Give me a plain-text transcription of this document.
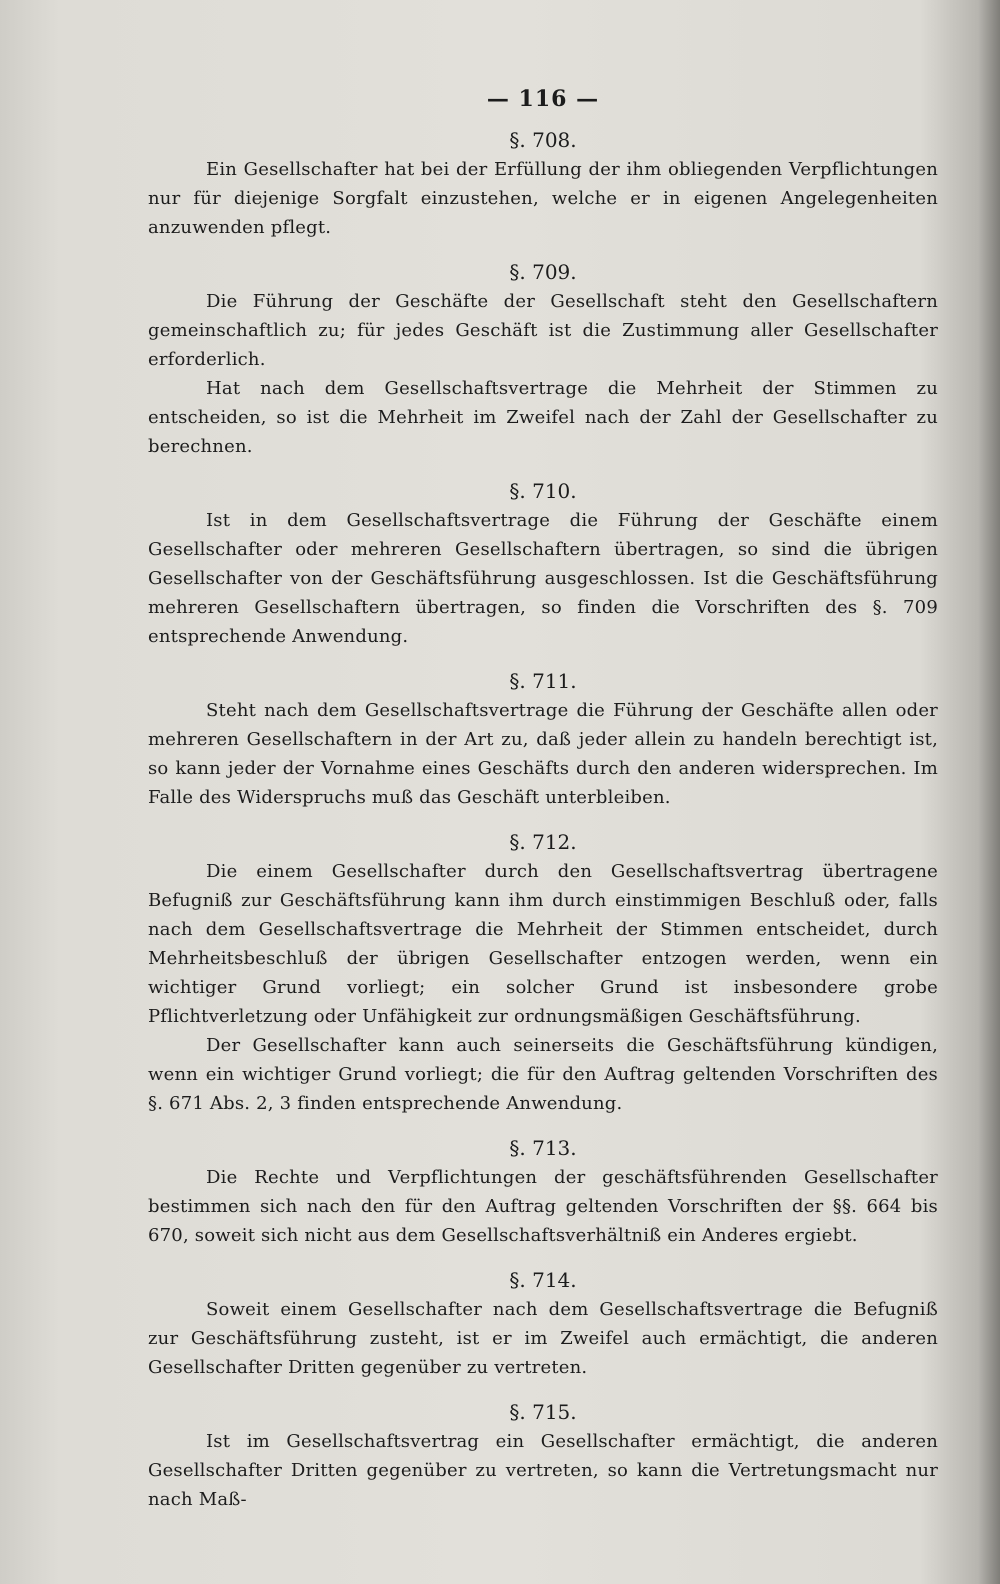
— 116 —

§. 708.

Ein Gesellschafter hat bei der Erfüllung der ihm obliegenden Verpflichtungen nur für diejenige Sorgfalt einzustehen, welche er in eigenen Angelegenheiten anzuwenden pflegt.

§. 709.

Die Führung der Geschäfte der Gesellschaft steht den Gesellschaftern gemeinschaftlich zu; für jedes Geschäft ist die Zustimmung aller Gesellschafter erforderlich.

Hat nach dem Gesellschaftsvertrage die Mehrheit der Stimmen zu entscheiden, so ist die Mehrheit im Zweifel nach der Zahl der Gesellschafter zu berechnen.

§. 710.

Ist in dem Gesellschaftsvertrage die Führung der Geschäfte einem Gesellschafter oder mehreren Gesellschaftern übertragen, so sind die übrigen Gesellschafter von der Geschäftsführung ausgeschlossen. Ist die Geschäftsführung mehreren Gesellschaftern übertragen, so finden die Vorschriften des §. 709 entsprechende Anwendung.

§. 711.

Steht nach dem Gesellschaftsvertrage die Führung der Geschäfte allen oder mehreren Gesellschaftern in der Art zu, daß jeder allein zu handeln berechtigt ist, so kann jeder der Vornahme eines Geschäfts durch den anderen widersprechen. Im Falle des Widerspruchs muß das Geschäft unterbleiben.

§. 712.

Die einem Gesellschafter durch den Gesellschaftsvertrag übertragene Befugniß zur Geschäftsführung kann ihm durch einstimmigen Beschluß oder, falls nach dem Gesellschaftsvertrage die Mehrheit der Stimmen entscheidet, durch Mehrheitsbeschluß der übrigen Gesellschafter entzogen werden, wenn ein wichtiger Grund vorliegt; ein solcher Grund ist insbesondere grobe Pflichtverletzung oder Unfähigkeit zur ordnungsmäßigen Geschäftsführung.

Der Gesellschafter kann auch seinerseits die Geschäftsführung kündigen, wenn ein wichtiger Grund vorliegt; die für den Auftrag geltenden Vorschriften des §. 671 Abs. 2, 3 finden entsprechende Anwendung.

§. 713.

Die Rechte und Verpflichtungen der geschäftsführenden Gesellschafter bestimmen sich nach den für den Auftrag geltenden Vorschriften der §§. 664 bis 670, soweit sich nicht aus dem Gesellschaftsverhältniß ein Anderes ergiebt.

§. 714.

Soweit einem Gesellschafter nach dem Gesellschaftsvertrage die Befugniß zur Geschäftsführung zusteht, ist er im Zweifel auch ermächtigt, die anderen Gesellschafter Dritten gegenüber zu vertreten.

§. 715.

Ist im Gesellschaftsvertrag ein Gesellschafter ermächtigt, die anderen Gesellschafter Dritten gegenüber zu vertreten, so kann die Vertretungsmacht nur nach Maß-
